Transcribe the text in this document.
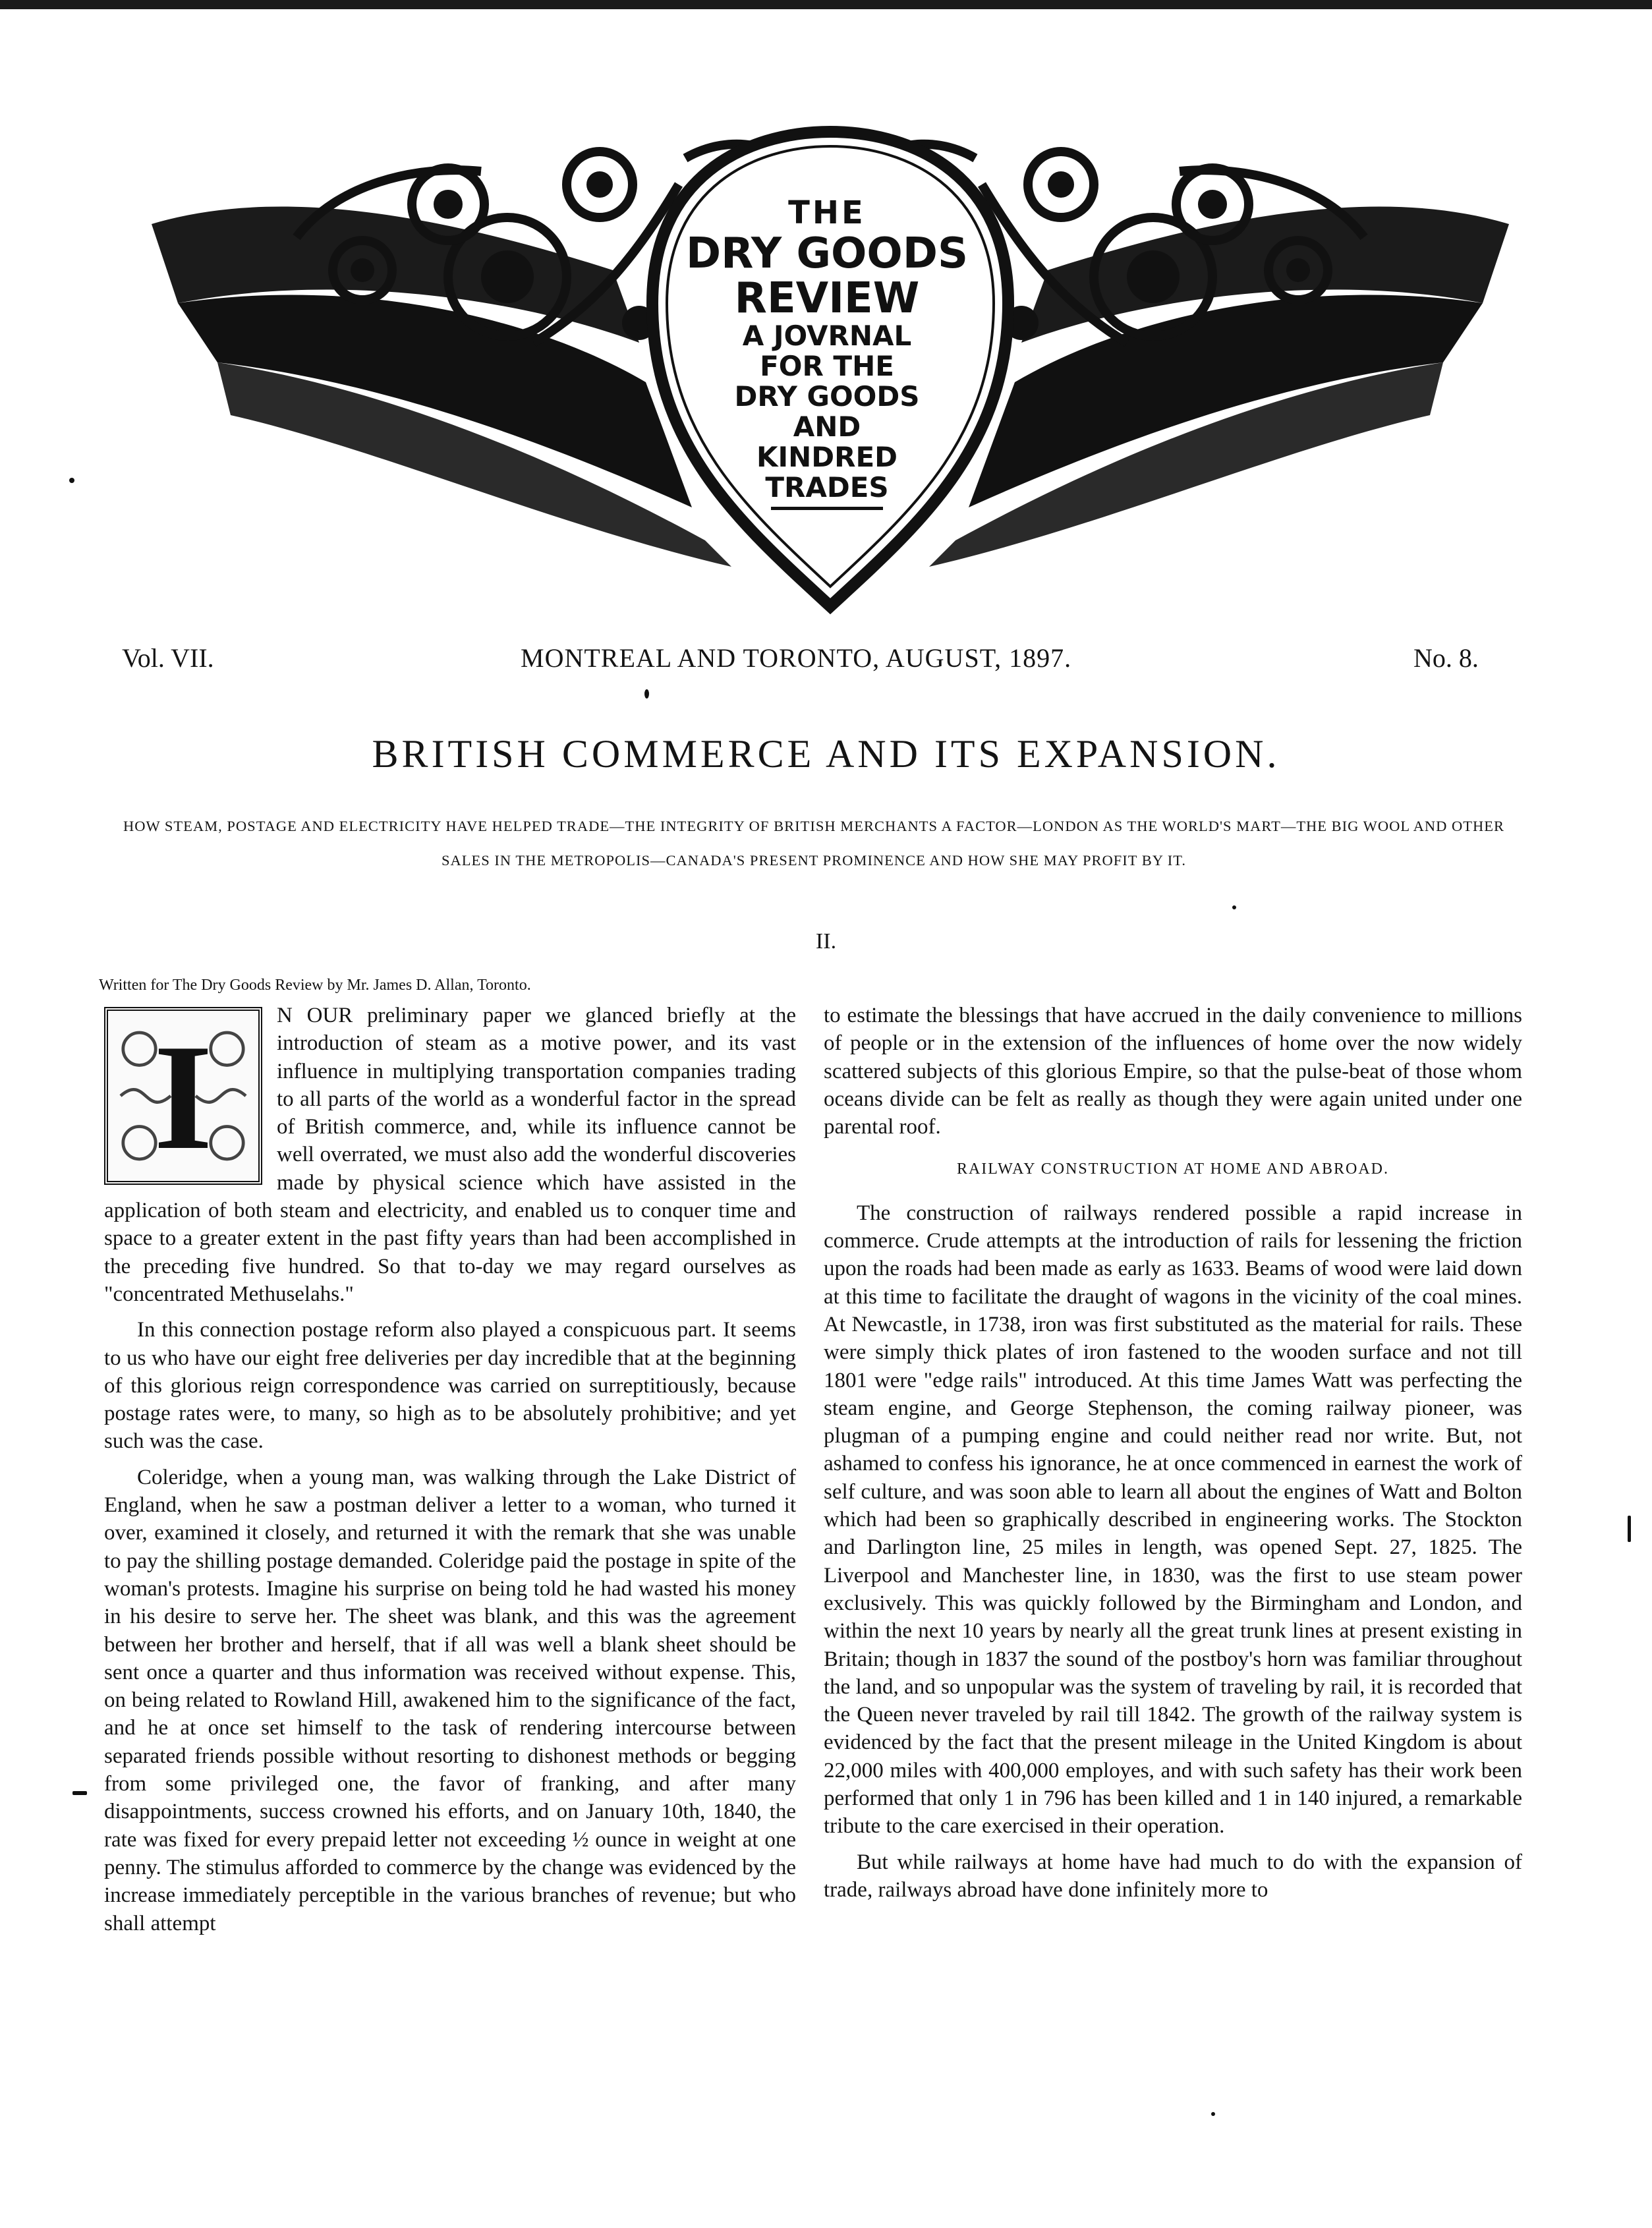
THE
DRY GOODS
REVIEW
A JOVRNAL
FOR THE
DRY GOODS
AND
KINDRED
TRADES
Vol. VII.	MONTREAL AND TORONTO, AUGUST, 1897.	No. 8.
BRITISH COMMERCE AND ITS EXPANSION.
HOW STEAM, POSTAGE AND ELECTRICITY HAVE HELPED TRADE—THE INTEGRITY OF BRITISH MERCHANTS A FACTOR—LONDON AS THE WORLD'S MART—THE BIG WOOL AND OTHER SALES IN THE METROPOLIS—CANADA'S PRESENT PROMINENCE AND HOW SHE MAY PROFIT BY IT.
II.
Written for The Dry Goods Review by Mr. James D. Allan, Toronto.
I	N OUR preliminary paper we glanced briefly at the introduction of steam as a motive power, and its vast influence in multiplying transportation companies trading to all parts of the world as a wonderful factor in the spread of British commerce, and, while its influence cannot be well overrated, we must also add the wonderful discoveries made by physical science which have assisted in the application of both steam and electricity, and enabled us to conquer time and space to a greater extent in the past fifty years than had been accomplished in the preceding five hundred. So that to-day we may regard ourselves as "concentrated Methuselahs."

In this connection postage reform also played a conspicuous part. It seems to us who have our eight free deliveries per day incredible that at the beginning of this glorious reign correspondence was carried on surreptitiously, because postage rates were, to many, so high as to be absolutely prohibitive; and yet such was the case.

Coleridge, when a young man, was walking through the Lake District of England, when he saw a postman deliver a letter to a woman, who turned it over, examined it closely, and returned it with the remark that she was unable to pay the shilling postage demanded. Coleridge paid the postage in spite of the woman's protests. Imagine his surprise on being told he had wasted his money in his desire to serve her. The sheet was blank, and this was the agreement between her brother and herself, that if all was well a blank sheet should be sent once a quarter and thus information was received without expense. This, on being related to Rowland Hill, awakened him to the significance of the fact, and he at once set himself to the task of rendering intercourse between separated friends possible without resorting to dishonest methods or begging from some privileged one, the favor of franking, and after many disappointments, success crowned his efforts, and on January 10th, 1840, the rate was fixed for every prepaid letter not exceeding ½ ounce in weight at one penny. The stimulus afforded to commerce by the change was evidenced by the increase immediately perceptible in the various branches of revenue; but who shall attempt

to estimate the blessings that have accrued in the daily convenience to millions of people or in the extension of the influences of home over the now widely scattered subjects of this glorious Empire, so that the pulse-beat of those whom oceans divide can be felt as really as though they were again united under one parental roof.

RAILWAY CONSTRUCTION AT HOME AND ABROAD.

The construction of railways rendered possible a rapid increase in commerce. Crude attempts at the introduction of rails for lessening the friction upon the roads had been made as early as 1633. Beams of wood were laid down at this time to facilitate the draught of wagons in the vicinity of the coal mines. At Newcastle, in 1738, iron was first substituted as the material for rails. These were simply thick plates of iron fastened to the wooden surface and not till 1801 were "edge rails" introduced. At this time James Watt was perfecting the steam engine, and George Stephenson, the coming railway pioneer, was plugman of a pumping engine and could neither read nor write. But, not ashamed to confess his ignorance, he at once commenced in earnest the work of self culture, and was soon able to learn all about the engines of Watt and Bolton which had been so graphically described in engineering works. The Stockton and Darlington line, 25 miles in length, was opened Sept. 27, 1825. The Liverpool and Manchester line, in 1830, was the first to use steam power exclusively. This was quickly followed by the Birmingham and London, and within the next 10 years by nearly all the great trunk lines at present existing in Britain; though in 1837 the sound of the postboy's horn was familiar throughout the land, and so unpopular was the system of traveling by rail, it is recorded that the Queen never traveled by rail till 1842. The growth of the railway system is evidenced by the fact that the present mileage in the United Kingdom is about 22,000 miles with 400,000 employes, and with such safety has their work been performed that only 1 in 796 has been killed and 1 in 140 injured, a remarkable tribute to the care exercised in their operation.

But while railways at home have had much to do with the expansion of trade, railways abroad have done infinitely more to
